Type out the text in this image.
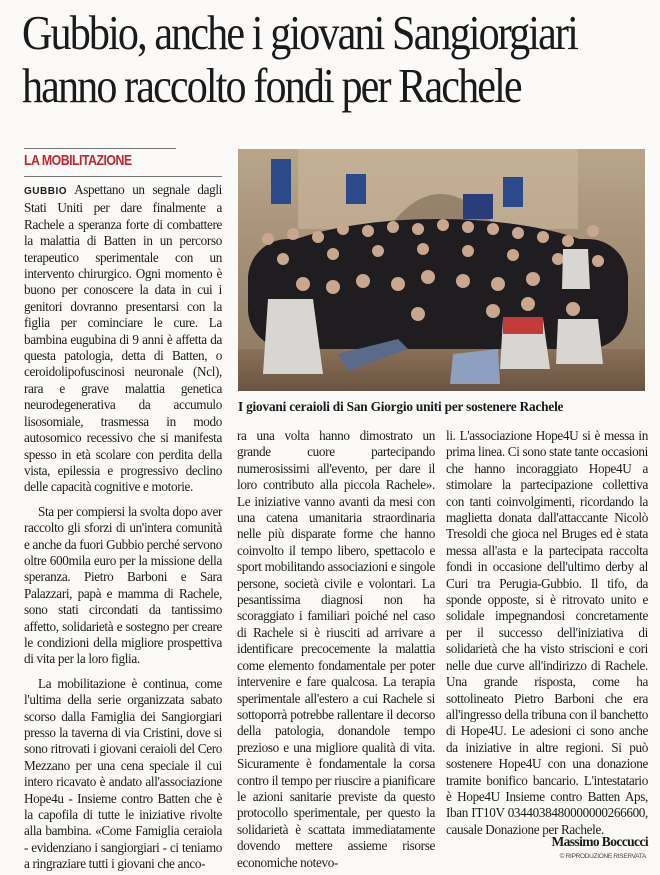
Gubbio, anche i giovani Sangiorgiari
hanno raccolto fondi per Rachele
LA MOBILITAZIONE

GUBBIO Aspettano un segnale dagli Stati Uniti per dare finalmente a Rachele a speranza forte di combattere la malattia di Batten in un percorso terapeutico sperimentale con un intervento chirurgico. Ogni momento è buono per conoscere la data in cui i genitori dovranno presentarsi con la figlia per cominciare le cure. La bambina eugubina di 9 anni è affetta da questa patologia, detta di Batten, o ceroidolipofuscinosi neuronale (Ncl), rara e grave malattia genetica neurodegenerativa da accumulo lisosomiale, trasmessa in modo autosomico recessivo che si manifesta spesso in età scolare con perdita della vista, epilessia e progressivo declino delle capacità cognitive e motorie.

Sta per compiersi la svolta dopo aver raccolto gli sforzi di un'intera comunità e anche da fuori Gubbio perché servono oltre 600mila euro per la missione della speranza. Pietro Barboni e Sara Palazzari, papà e mamma di Rachele, sono stati circondati da tantissimo affetto, solidarietà e sostegno per creare le condizioni della migliore prospettiva di vita per la loro figlia.

La mobilitazione è continua, come l'ultima della serie organizzata sabato scorso dalla Famiglia dei Sangiorgiari presso la taverna di via Cristini, dove si sono ritrovati i giovani ceraioli del Cero Mezzano per una cena speciale il cui intero ricavato è andato all'associazione Hope4u - Insieme contro Batten che è la capofila di tutte le iniziative rivolte alla bambina. «Come Famiglia ceraiola - evidenziano i sangiorgiari - ci teniamo a ringraziare tutti i giovani che anco-

I giovani ceraioli di San Giorgio uniti per sostenere Rachele

ra una volta hanno dimostrato un grande cuore partecipando numerosissimi all'evento, per dare il loro contributo alla piccola Rachele». Le iniziative vanno avanti da mesi con una catena umanitaria straordinaria nelle più disparate forme che hanno coinvolto il tempo libero, spettacolo e sport mobilitando associazioni e singole persone, società civile e volontari. La pesantissima diagnosi non ha scoraggiato i familiari poiché nel caso di Rachele si è riusciti ad arrivare a identificare precocemente la malattia come elemento fondamentale per poter intervenire e fare qualcosa. La terapia sperimentale all'estero a cui Rachele si sottoporrà potrebbe rallentare il decorso della patologia, donandole tempo prezioso e una migliore qualità di vita. Sicuramente è fondamentale la corsa contro il tempo per riuscire a pianificare le azioni sanitarie previste da questo protocollo sperimentale, per questo la solidarietà è scattata immediatamente dovendo mettere assieme risorse economiche notevo-

li. L'associazione Hope4U si è messa in prima linea. Ci sono state tante occasioni che hanno incoraggiato Hope4U a stimolare la partecipazione collettiva con tanti coinvolgimenti, ricordando la maglietta donata dall'attaccante Nicolò Tresoldi che gioca nel Bruges ed è stata messa all'asta e la partecipata raccolta fondi in occasione dell'ultimo derby al Curi tra Perugia-Gubbio. Il tifo, da sponde opposte, si è ritrovato unito e solidale impegnandosi concretamente per il successo dell'iniziativa di solidarietà che ha visto striscioni e cori nelle due curve all'indirizzo di Rachele. Una grande risposta, come ha sottolineato Pietro Barboni che era all'ingresso della tribuna con il banchetto di Hope4U. Le adesioni ci sono anche da iniziative in altre regioni. Si può sostenere Hope4U con una donazione tramite bonifico bancario. L'intestatario è Hope4U Insieme contro Batten Aps, Iban IT10V 0344038480000000266600, causale Donazione per Rachele.

Massimo Boccucci
© RIPRODUZIONE RISERVATA
